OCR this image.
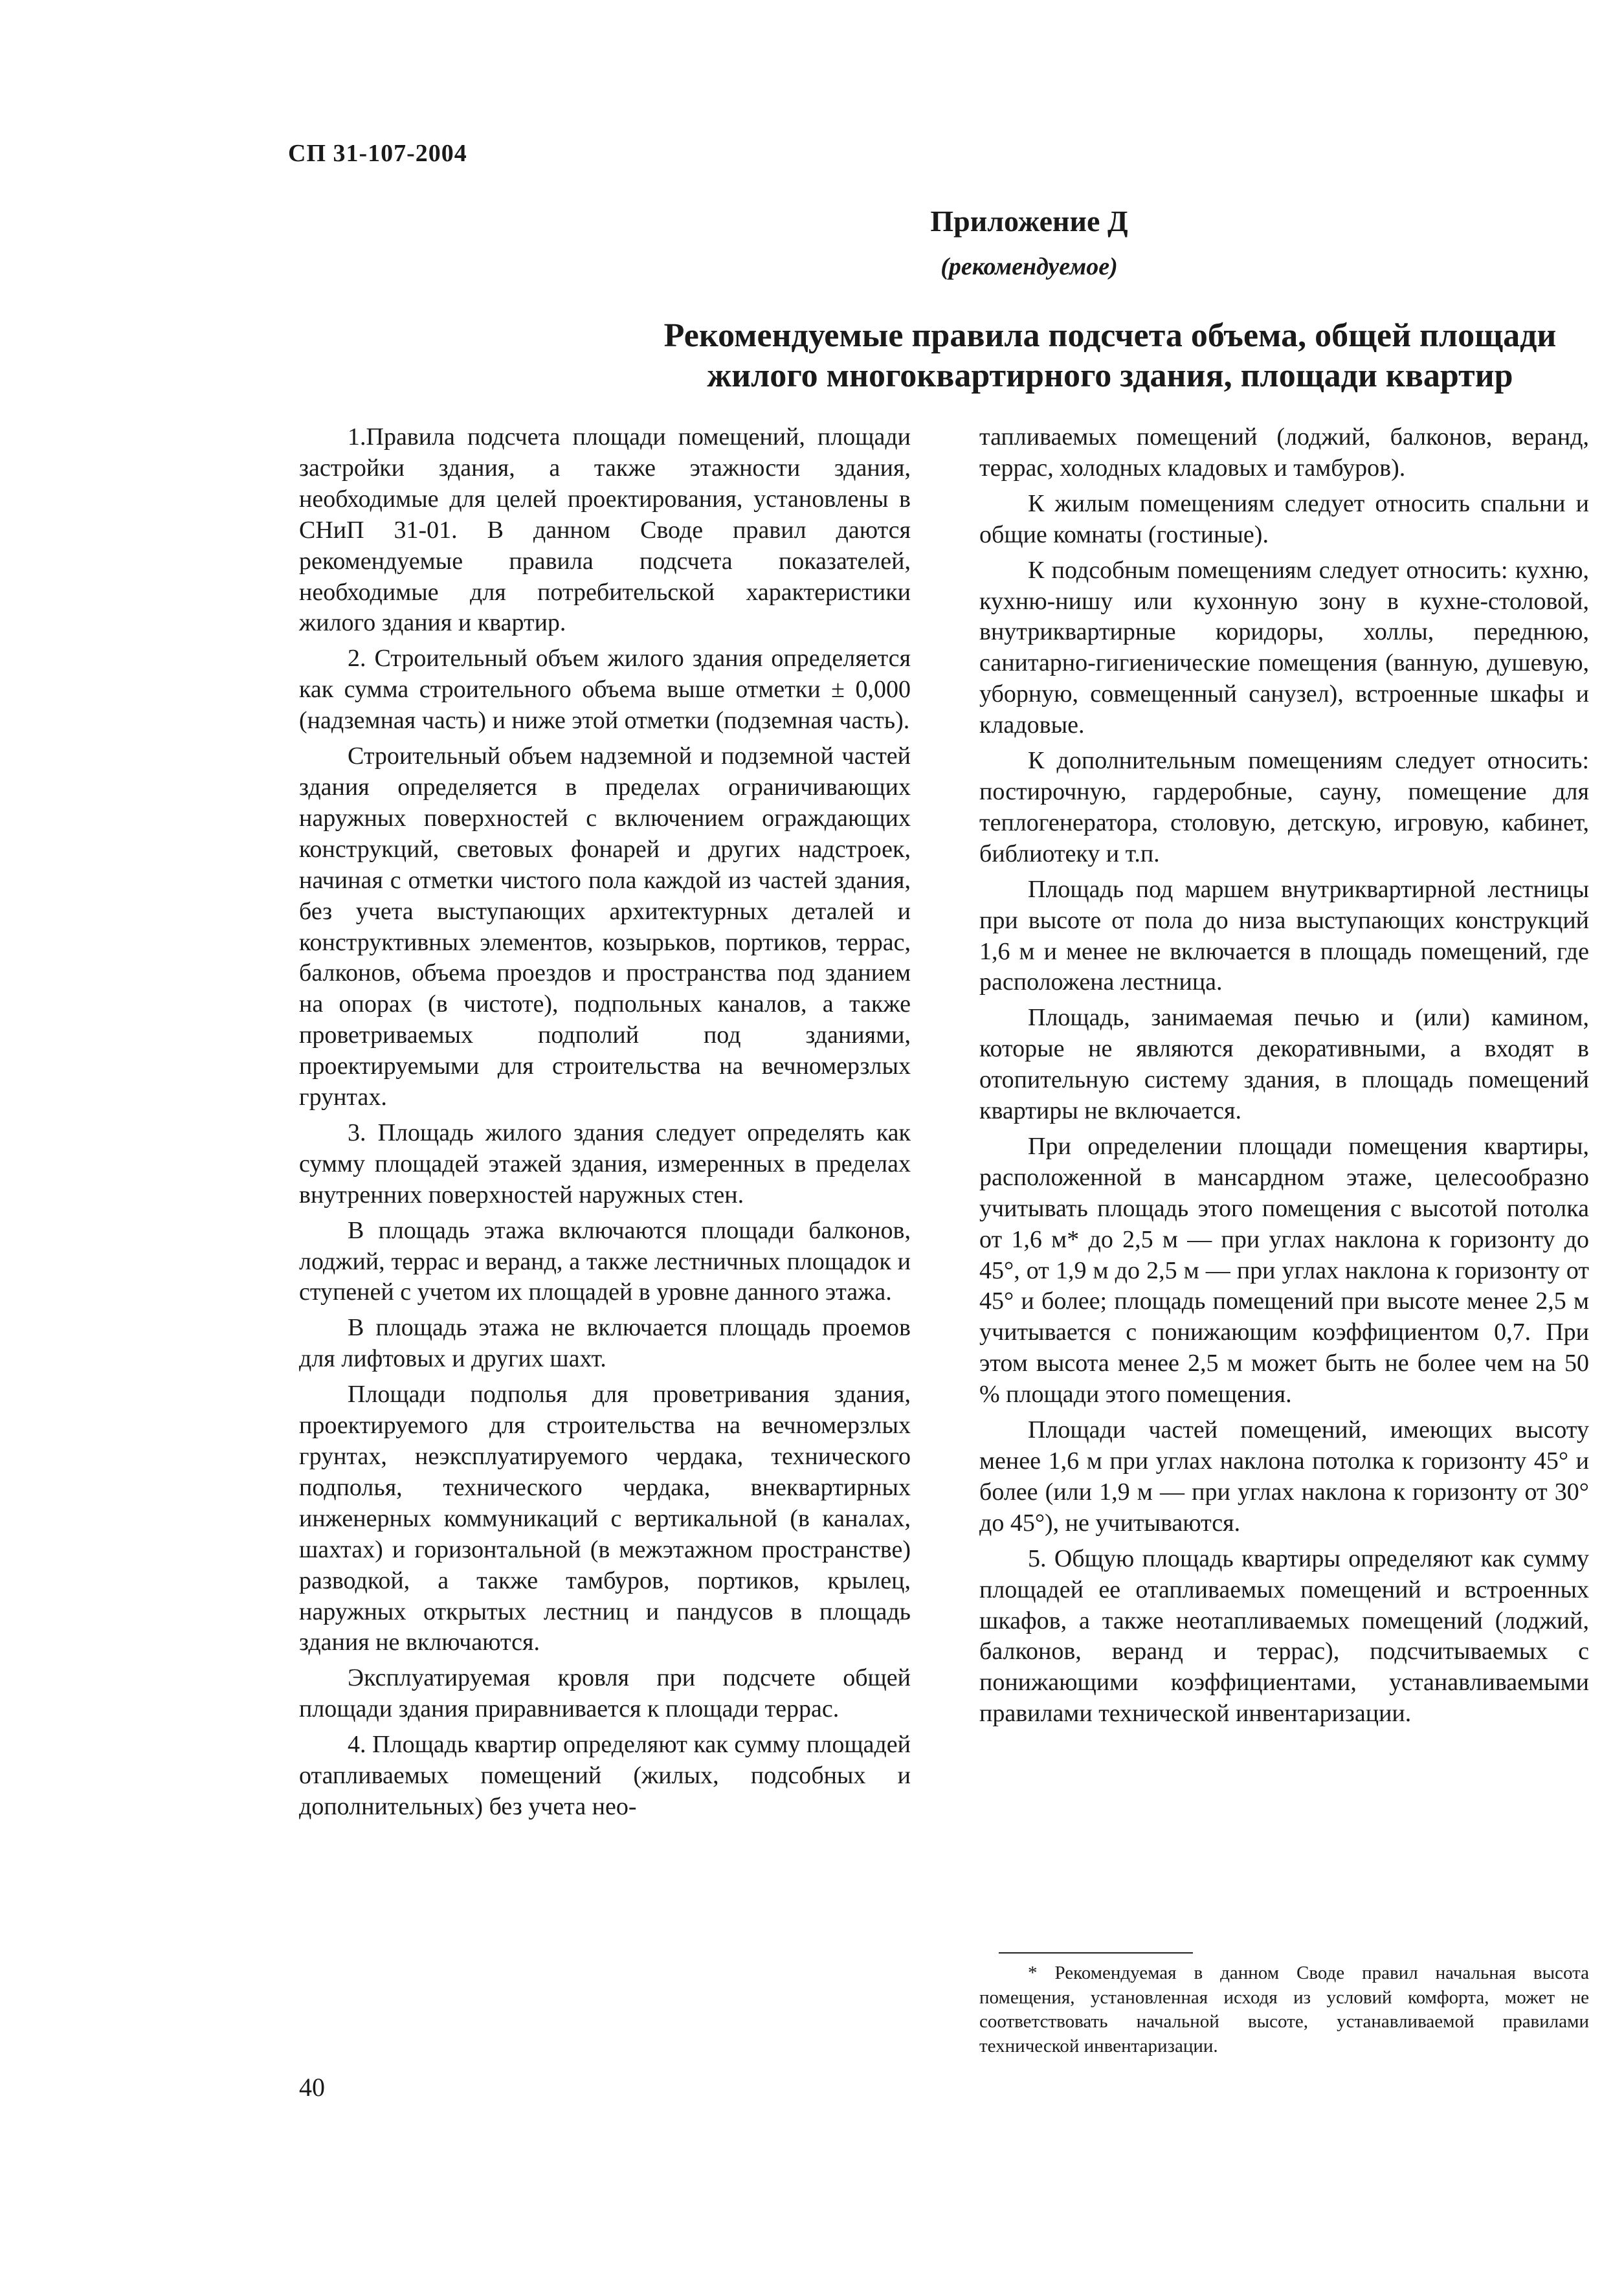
СП 31-107-2004

Приложение Д

(рекомендуемое)

Рекомендуемые правила подсчета объема, общей площади
жилого многоквартирного здания, площади квартир

1.Правила подсчета площади помещений, площади застройки здания, а также этажности здания, необходимые для целей проектирования, установлены в СНиП 31-01. В данном Своде правил даются рекомендуемые правила подсчета показателей, необходимые для потребительской характеристики жилого здания и квартир.

2. Строительный объем жилого здания определяется как сумма строительного объема выше отметки ± 0,000 (надземная часть) и ниже этой отметки (подземная часть).

Строительный объем надземной и подземной частей здания определяется в пределах ограничивающих наружных поверхностей с включением ограждающих конструкций, световых фонарей и других надстроек, начиная с отметки чистого пола каждой из частей здания, без учета выступающих архитектурных деталей и конструктивных элементов, козырьков, портиков, террас, балконов, объема проездов и пространства под зданием на опорах (в чистоте), подпольных каналов, а также проветриваемых подполий под зданиями, проектируемыми для строительства на вечномерзлых грунтах.

3. Площадь жилого здания следует определять как сумму площадей этажей здания, измеренных в пределах внутренних поверхностей наружных стен.

В площадь этажа включаются площади балконов, лоджий, террас и веранд, а также лестничных площадок и ступеней с учетом их площадей в уровне данного этажа.

В площадь этажа не включается площадь проемов для лифтовых и других шахт.

Площади подполья для проветривания здания, проектируемого для строительства на вечномерзлых грунтах, неэксплуатируемого чердака, технического подполья, технического чердака, внеквартирных инженерных коммуникаций с вертикальной (в каналах, шахтах) и горизонтальной (в межэтажном пространстве) разводкой, а также тамбуров, портиков, крылец, наружных открытых лестниц и пандусов в площадь здания не включаются.

Эксплуатируемая кровля при подсчете общей площади здания приравнивается к площади террас.

4. Площадь квартир определяют как сумму площадей отапливаемых помещений (жилых, подсобных и дополнительных) без учета нео-

тапливаемых помещений (лоджий, балконов, веранд, террас, холодных кладовых и тамбуров).

К жилым помещениям следует относить спальни и общие комнаты (гостиные).

К подсобным помещениям следует относить: кухню, кухню-нишу или кухонную зону в кухне-столовой, внутриквартирные коридоры, холлы, переднюю, санитарно-гигиенические помещения (ванную, душевую, уборную, совмещенный санузел), встроенные шкафы и кладовые.

К дополнительным помещениям следует относить: постирочную, гардеробные, сауну, помещение для теплогенератора, столовую, детскую, игровую, кабинет, библиотеку и т.п.

Площадь под маршем внутриквартирной лестницы при высоте от пола до низа выступающих конструкций 1,6 м и менее не включается в площадь помещений, где расположена лестница.

Площадь, занимаемая печью и (или) камином, которые не являются декоративными, а входят в отопительную систему здания, в площадь помещений квартиры не включается.

При определении площади помещения квартиры, расположенной в мансардном этаже, целесообразно учитывать площадь этого помещения с высотой потолка от 1,6 м* до 2,5 м — при углах наклона к горизонту до 45°, от 1,9 м до 2,5 м — при углах наклона к горизонту от 45° и более; площадь помещений при высоте менее 2,5 м учитывается с понижающим коэффициентом 0,7. При этом высота менее 2,5 м может быть не более чем на 50 % площади этого помещения.

Площади частей помещений, имеющих высоту менее 1,6 м при углах наклона потолка к горизонту 45° и более (или 1,9 м — при углах наклона к горизонту от 30° до 45°), не учитываются.

5. Общую площадь квартиры определяют как сумму площадей ее отапливаемых помещений и встроенных шкафов, а также неотапливаемых помещений (лоджий, балконов, веранд и террас), подсчитываемых с понижающими коэффициентами, устанавливаемыми правилами технической инвентаризации.

* Рекомендуемая в данном Своде правил начальная высота помещения, установленная исходя из условий комфорта, может не соответствовать начальной высоте, устанавливаемой правилами технической инвентаризации.

40
